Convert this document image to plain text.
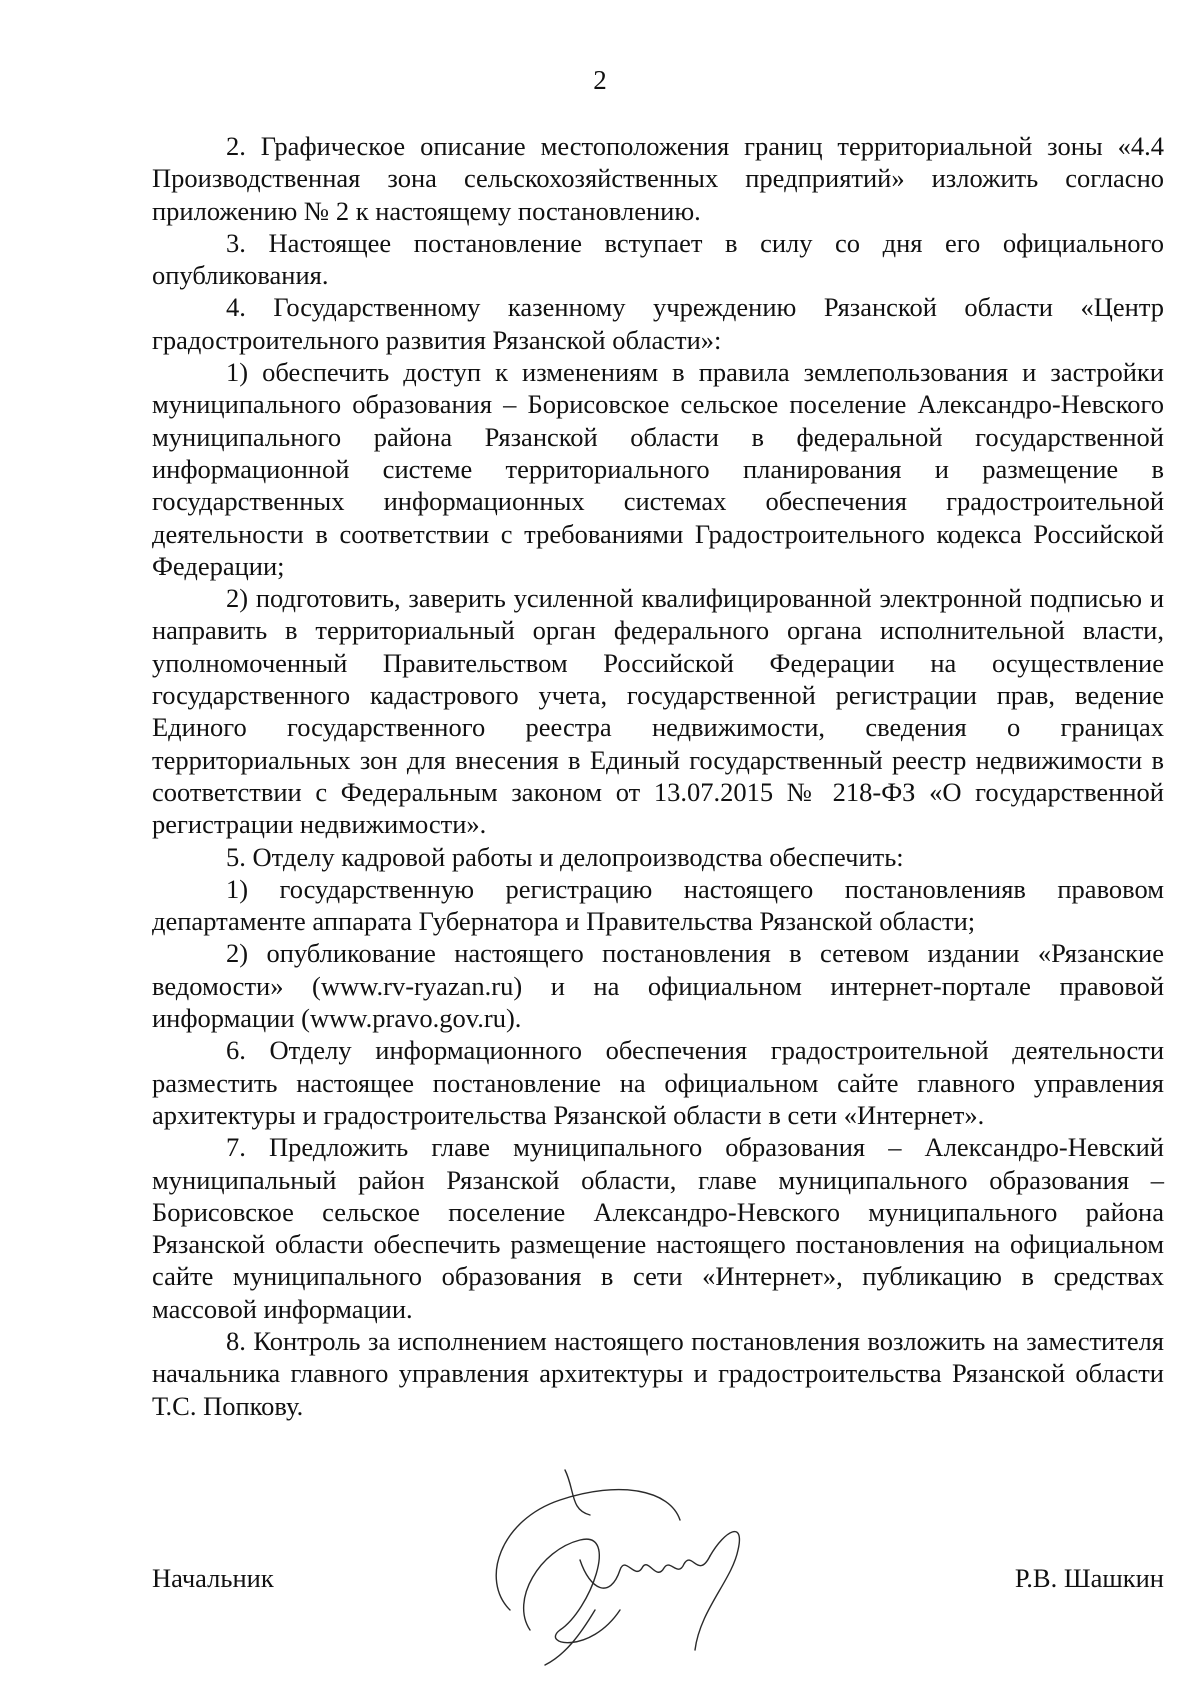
2

2. Графическое описание местоположения границ территориальной зоны «4.4 Производственная зона сельскохозяйственных предприятий» изложить согласно приложению № 2 к настоящему постановлению.

3. Настоящее постановление вступает в силу со дня его официального опубликования.

4. Государственному казенному учреждению Рязанской области «Центр градостроительного развития Рязанской области»:

1) обеспечить доступ к изменениям в правила землепользования и застройки муниципального образования – Борисовское сельское поселение Александро-Невского муниципального района Рязанской области в федеральной государственной информационной системе территориального планирования и размещение в государственных информационных системах обеспечения градостроительной деятельности в соответствии с требованиями Градостроительного кодекса Российской Федерации;

2) подготовить, заверить усиленной квалифицированной электронной подписью и направить в территориальный орган федерального органа исполнительной власти, уполномоченный Правительством Российской Федерации на осуществление государственного кадастрового учета, государственной регистрации прав, ведение Единого государственного реестра недвижимости, сведения о границах территориальных зон для внесения в Единый государственный реестр недвижимости в соответствии с Федеральным законом от 13.07.2015 № 218-ФЗ «О государственной регистрации недвижимости».

5. Отделу кадровой работы и делопроизводства обеспечить:

1) государственную регистрацию настоящего постановленияв правовом департаменте аппарата Губернатора и Правительства Рязанской области;

2) опубликование настоящего постановления в сетевом издании «Рязанские ведомости» (www.rv-ryazan.ru) и на официальном интернет-портале правовой информации (www.pravo.gov.ru).

6. Отделу информационного обеспечения градостроительной деятельности разместить настоящее постановление на официальном сайте главного управления архитектуры и градостроительства Рязанской области в сети «Интернет».

7. Предложить главе муниципального образования – Александро-Невский муниципальный район Рязанской области, главе муниципального образования – Борисовское сельское поселение Александро-Невского муниципального района Рязанской области обеспечить размещение настоящего постановления на официальном сайте муниципального образования в сети «Интернет», публикацию в средствах массовой информации.

8. Контроль за исполнением настоящего постановления возложить на заместителя начальника главного управления архитектуры и градостроительства Рязанской области Т.С. Попкову.

Начальник	Р.В. Шашкин
